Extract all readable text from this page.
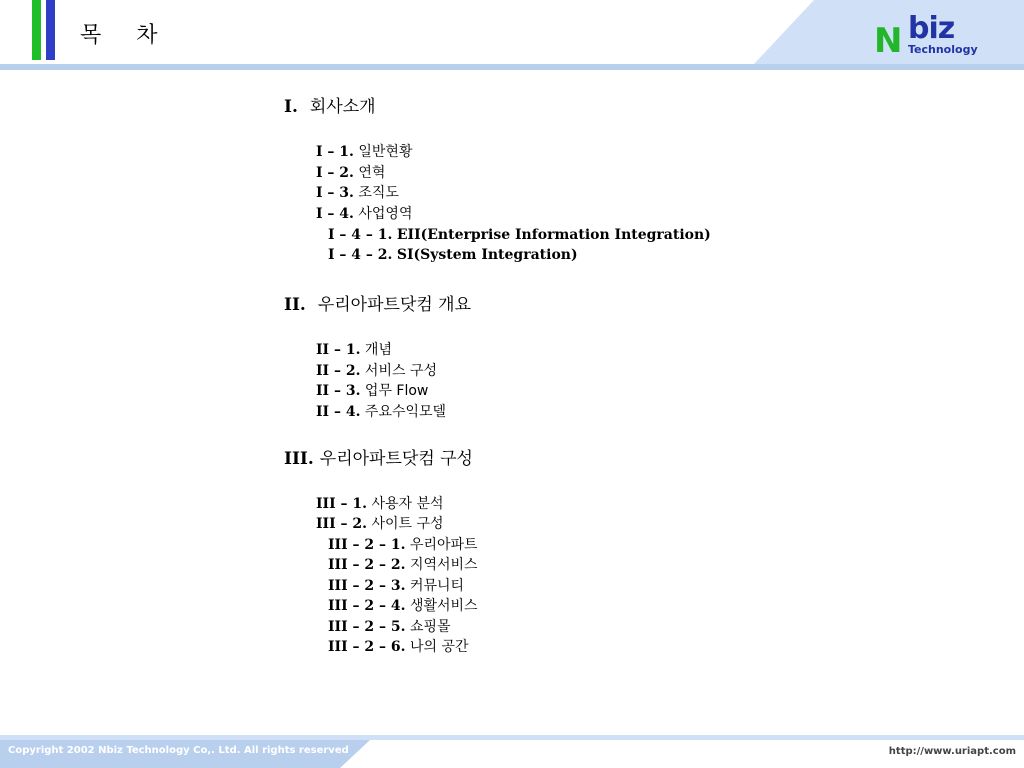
목 차	N biz
Technology
I. 회사소개
I – 1. 일반현황
I – 2. 연혁
I – 3. 조직도
I – 4. 사업영역
I – 4 – 1. EII(Enterprise Information Integration)
I – 4 – 2. SI(System Integration)
II. 우리아파트닷컴 개요
II – 1. 개념
II – 2. 서비스 구성
II – 3. 업무 Flow
II – 4. 주요수익모델
III. 우리아파트닷컴 구성
III – 1. 사용자 분석
III – 2. 사이트 구성
III – 2 – 1. 우리아파트
III – 2 – 2. 지역서비스
III – 2 – 3. 커뮤니티
III – 2 – 4. 생활서비스
III – 2 – 5. 쇼핑몰
III – 2 – 6. 나의 공간
Copyright 2002 Nbiz Technology Co,. Ltd. All rights reserved	http://www.uriapt.com
